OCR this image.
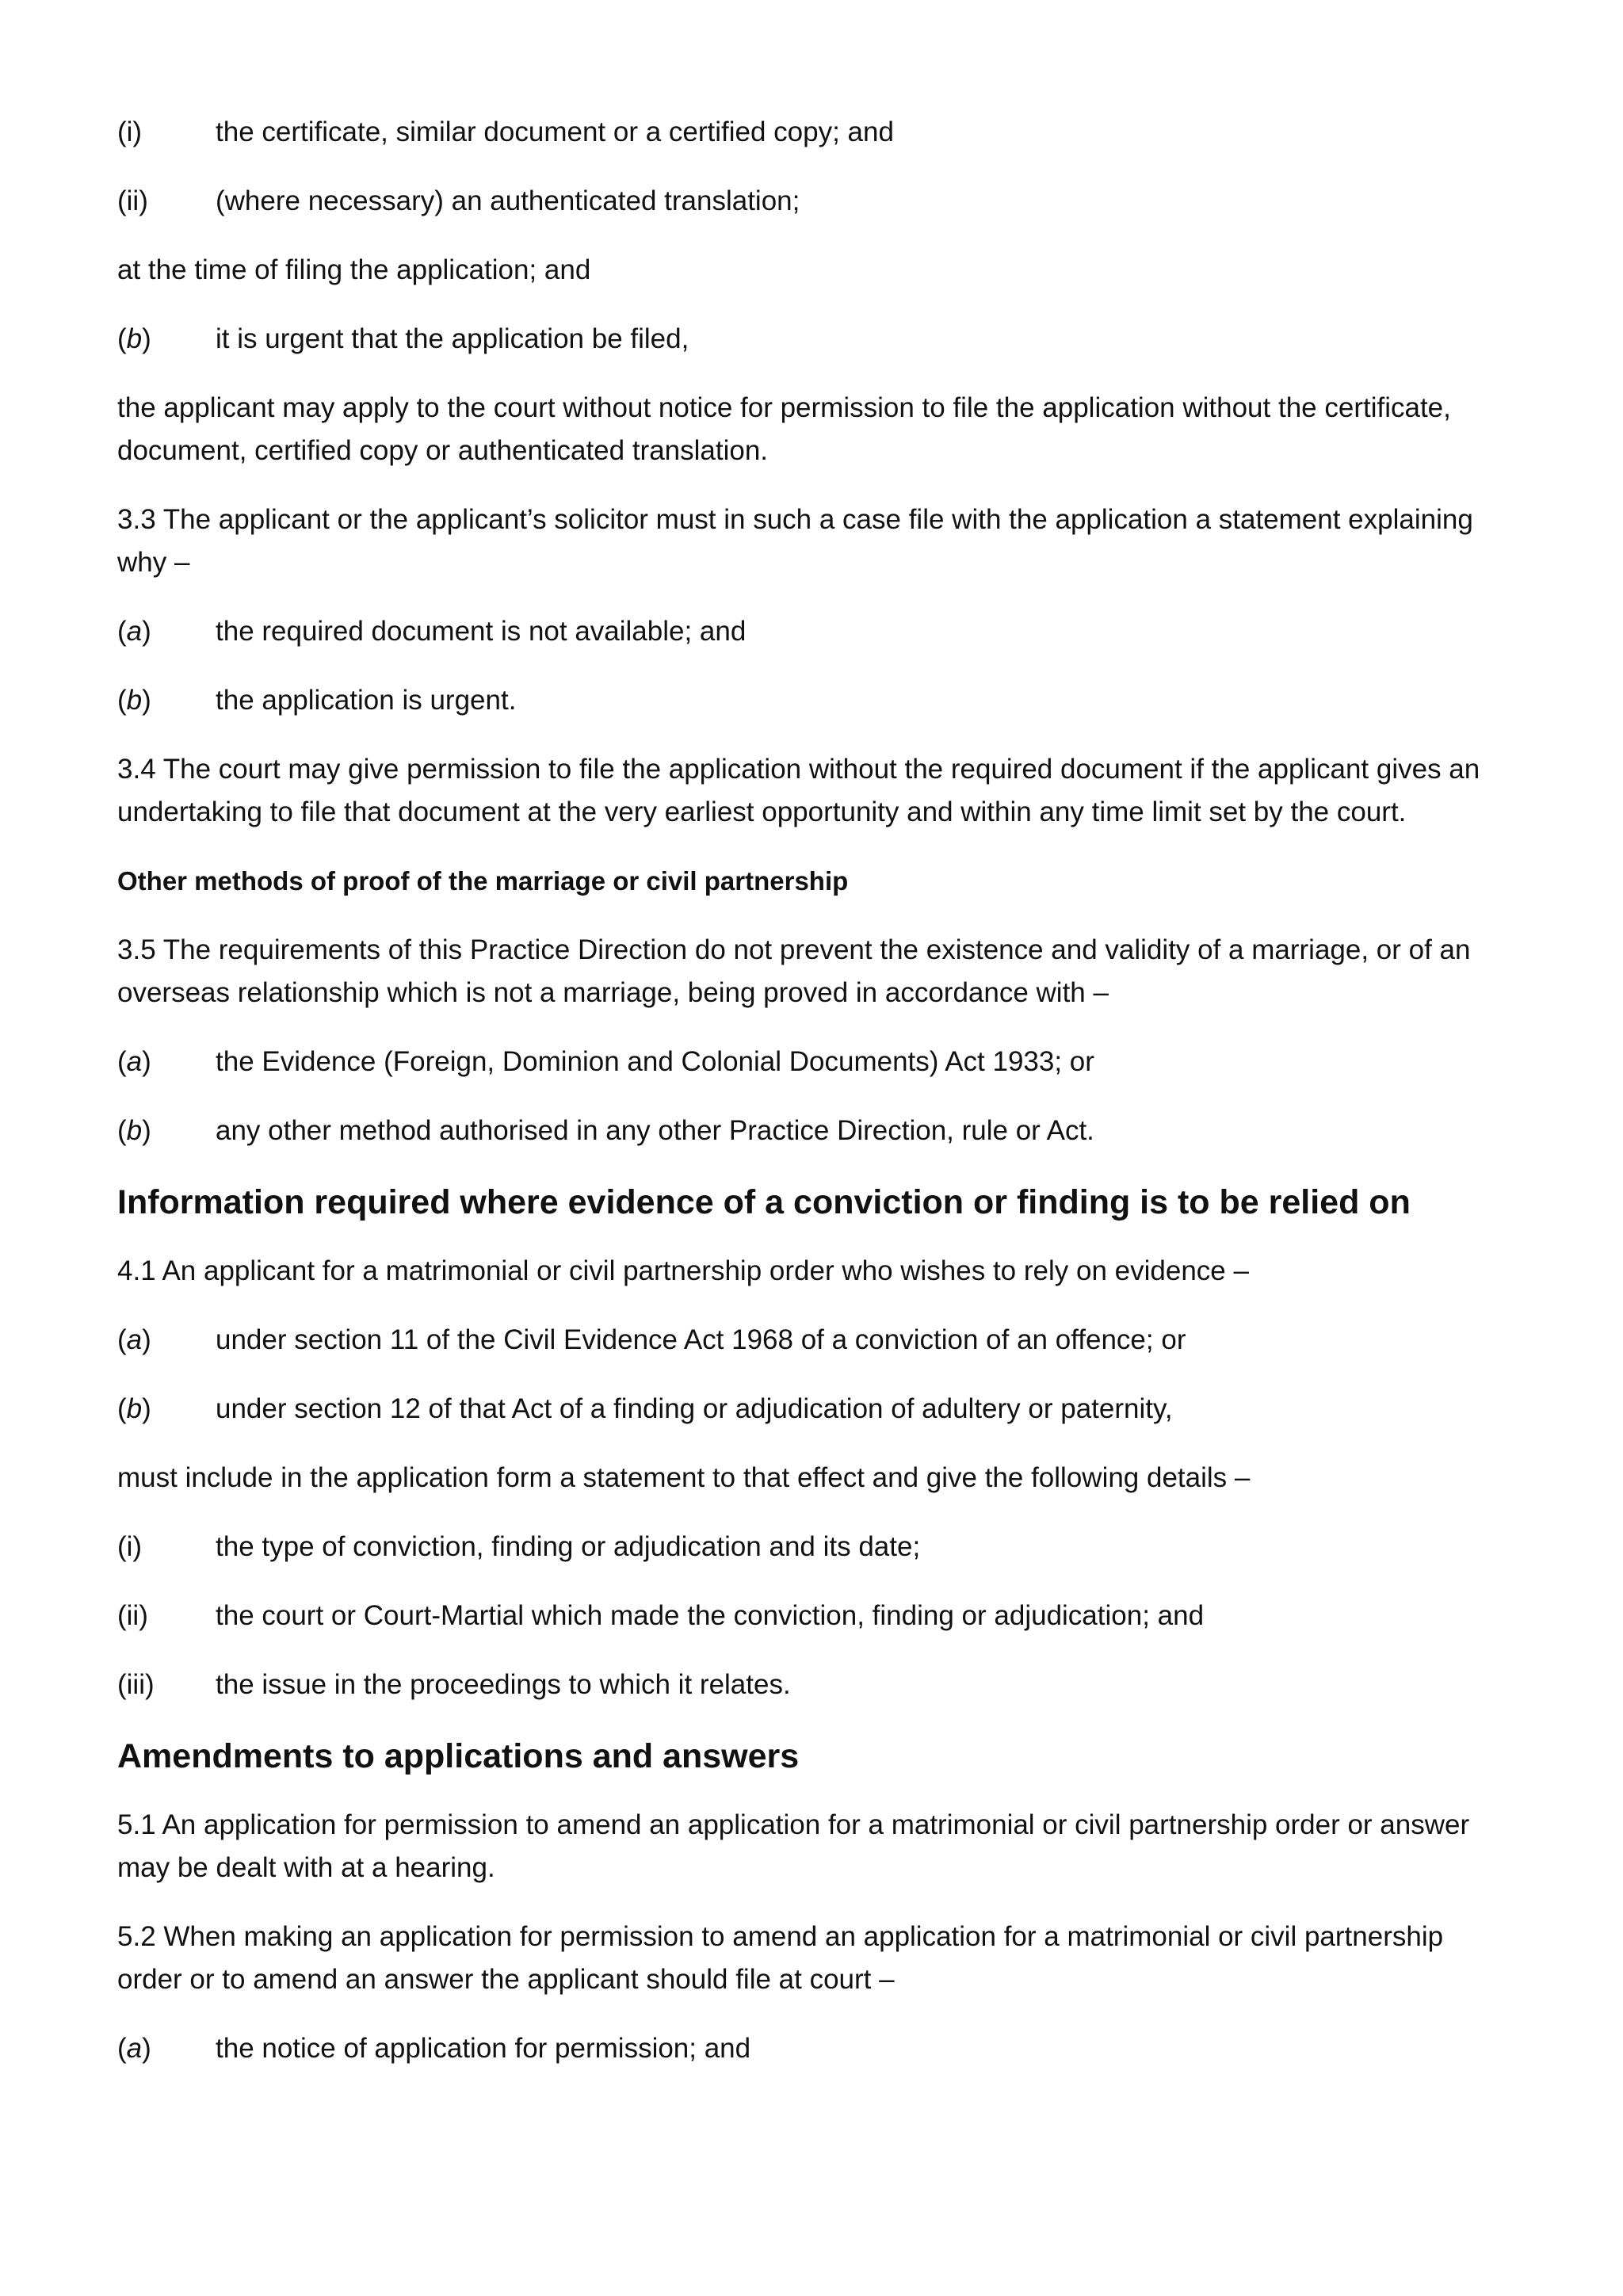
(i)	the certificate, similar document or a certified copy; and
(ii)	(where necessary) an authenticated translation;

at the time of filing the application; and

(b)	it is urgent that the application be filed,

the applicant may apply to the court without notice for permission to file the application without the certificate, document, certified copy or authenticated translation.

3.3 The applicant or the applicant’s solicitor must in such a case file with the application a statement explaining why –

(a)	the required document is not available; and
(b)	the application is urgent.

3.4 The court may give permission to file the application without the required document if the applicant gives an undertaking to file that document at the very earliest opportunity and within any time limit set by the court.

Other methods of proof of the marriage or civil partnership

3.5 The requirements of this Practice Direction do not prevent the existence and validity of a marriage, or of an overseas relationship which is not a marriage, being proved in accordance with –

(a)	the Evidence (Foreign, Dominion and Colonial Documents) Act 1933; or
(b)	any other method authorised in any other Practice Direction, rule or Act.
Information required where evidence of a conviction or finding is to be relied on

4.1 An applicant for a matrimonial or civil partnership order who wishes to rely on evidence –

(a)	under section 11 of the Civil Evidence Act 1968 of a conviction of an offence; or
(b)	under section 12 of that Act of a finding or adjudication of adultery or paternity,

must include in the application form a statement to that effect and give the following details –

(i)	the type of conviction, finding or adjudication and its date;
(ii)	the court or Court-Martial which made the conviction, finding or adjudication; and
(iii)	the issue in the proceedings to which it relates.
Amendments to applications and answers

5.1 An application for permission to amend an application for a matrimonial or civil partnership order or answer may be dealt with at a hearing.

5.2 When making an application for permission to amend an application for a matrimonial or civil partnership order or to amend an answer the applicant should file at court –

(a)	the notice of application for permission; and
